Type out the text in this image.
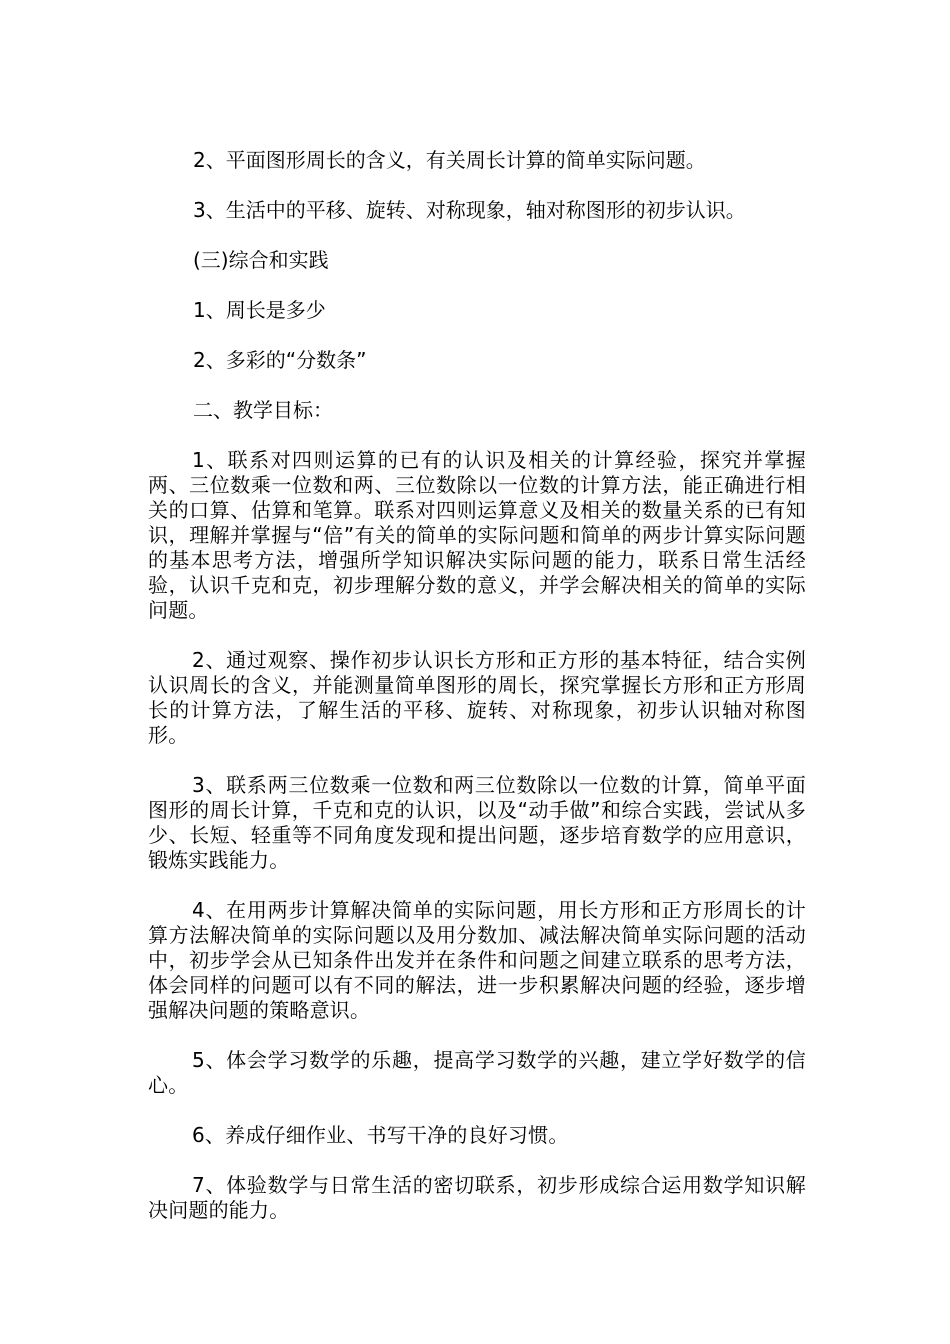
2、平面图形周长的含义，有关周长计算的简单实际问题。
3、生活中的平移、旋转、对称现象，轴对称图形的初步认识。
(三)综合和实践
1、周长是多少
2、多彩的“分数条”
二、教学目标：
1、联系对四则运算的已有的认识及相关的计算经验，探究并掌握两、三位数乘一位数和两、三位数除以一位数的计算方法，能正确进行相关的口算、估算和笔算。联系对四则运算意义及相关的数量关系的已有知识，理解并掌握与“倍”有关的简单的实际问题和简单的两步计算实际问题的基本思考方法，增强所学知识解决实际问题的能力，联系日常生活经验，认识千克和克，初步理解分数的意义，并学会解决相关的简单的实际问题。
2、通过观察、操作初步认识长方形和正方形的基本特征，结合实例认识周长的含义，并能测量简单图形的周长，探究掌握长方形和正方形周长的计算方法，了解生活的平移、旋转、对称现象，初步认识轴对称图形。
3、联系两三位数乘一位数和两三位数除以一位数的计算，简单平面图形的周长计算，千克和克的认识，以及“动手做”和综合实践，尝试从多少、长短、轻重等不同角度发现和提出问题，逐步培育数学的应用意识，锻炼实践能力。
4、在用两步计算解决简单的实际问题，用长方形和正方形周长的计算方法解决简单的实际问题以及用分数加、减法解决简单实际问题的活动中，初步学会从已知条件出发并在条件和问题之间建立联系的思考方法，体会同样的问题可以有不同的解法，进一步积累解决问题的经验，逐步增强解决问题的策略意识。
5、体会学习数学的乐趣，提高学习数学的兴趣，建立学好数学的信心。
6、养成仔细作业、书写干净的良好习惯。
7、体验数学与日常生活的密切联系，初步形成综合运用数学知识解决问题的能力。
